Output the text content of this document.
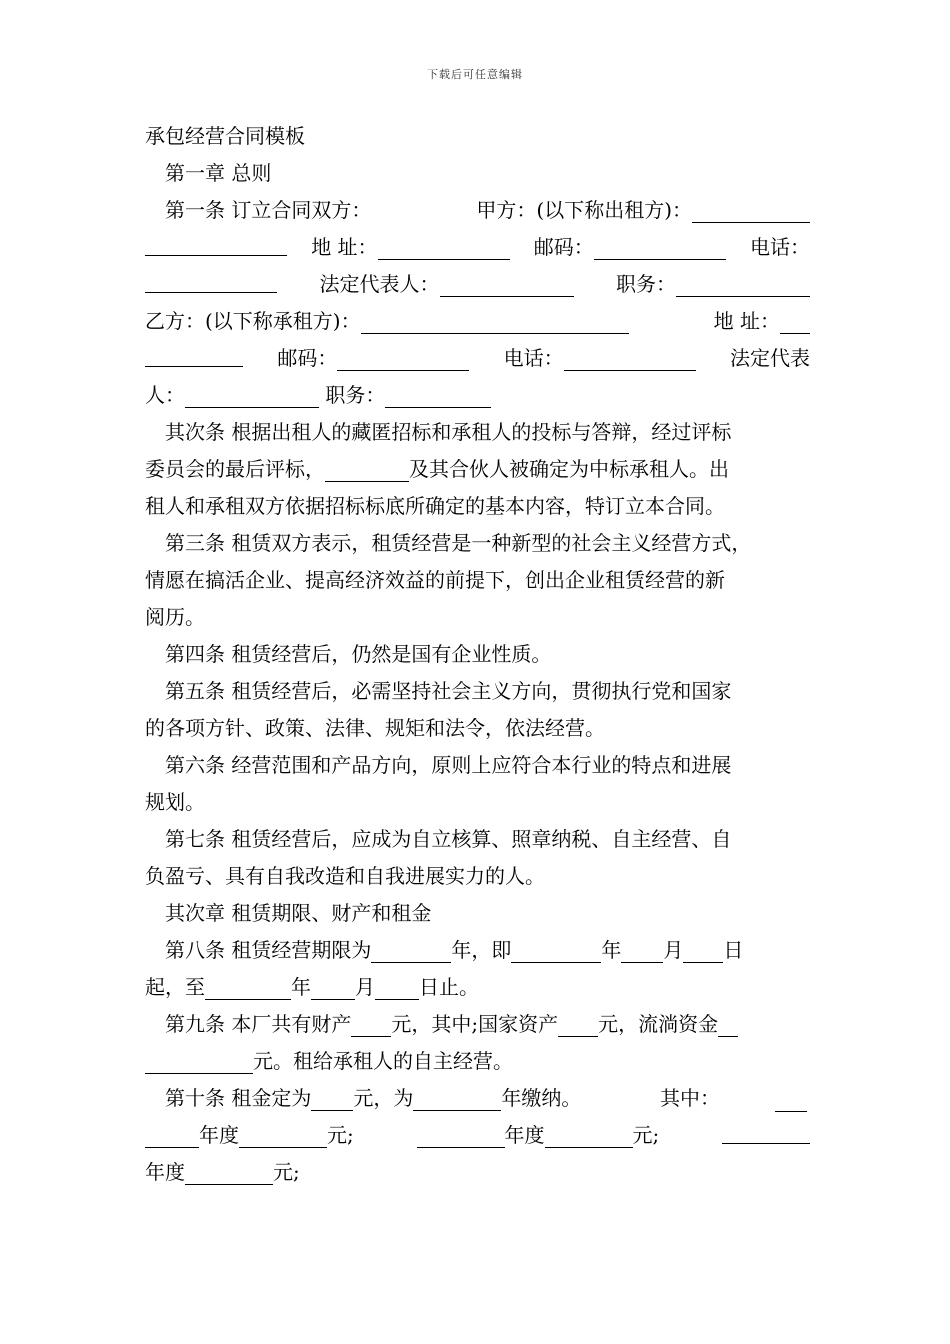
下载后可任意编辑
承包经营合同模板
第一章 总则
第一条 订立合同双方：	甲方：(以下称出租方)：
地 址：	邮码：	电话：
法定代表人：	职务：
乙方：(以下称承租方)：	地 址：
邮码：	电话：	法定代表
人：	职务：
其次条 根据出租人的藏匿招标和承租人的投标与答辩，经过评标
委员会的最后评标，	及其合伙人被确定为中标承租人。出
租人和承租双方依据招标标底所确定的基本内容，特订立本合同。
第三条 租赁双方表示，租赁经营是一种新型的社会主义经营方式，
情愿在搞活企业、提高经济效益的前提下，创出企业租赁经营的新
阅历。
第四条 租赁经营后，仍然是国有企业性质。
第五条 租赁经营后，必需坚持社会主义方向，贯彻执行党和国家
的各项方针、政策、法律、规矩和法令，依法经营。
第六条 经营范围和产品方向，原则上应符合本行业的特点和进展
规划。
第七条 租赁经营后，应成为自立核算、照章纳税、自主经营、自
负盈亏、具有自我改造和自我进展实力的人。
其次章 租赁期限、财产和租金
第八条 租赁经营期限为	年，即	年 月 日
起，至	年 月 日止。
第九条 本厂共有财产 元，其中;国家资产 元，流淌资金
元。租给承租人的自主经营。
第十条 租金定为 元，为	年缴纳。	其中：
年度	元;	年度	元;
年度	元;
